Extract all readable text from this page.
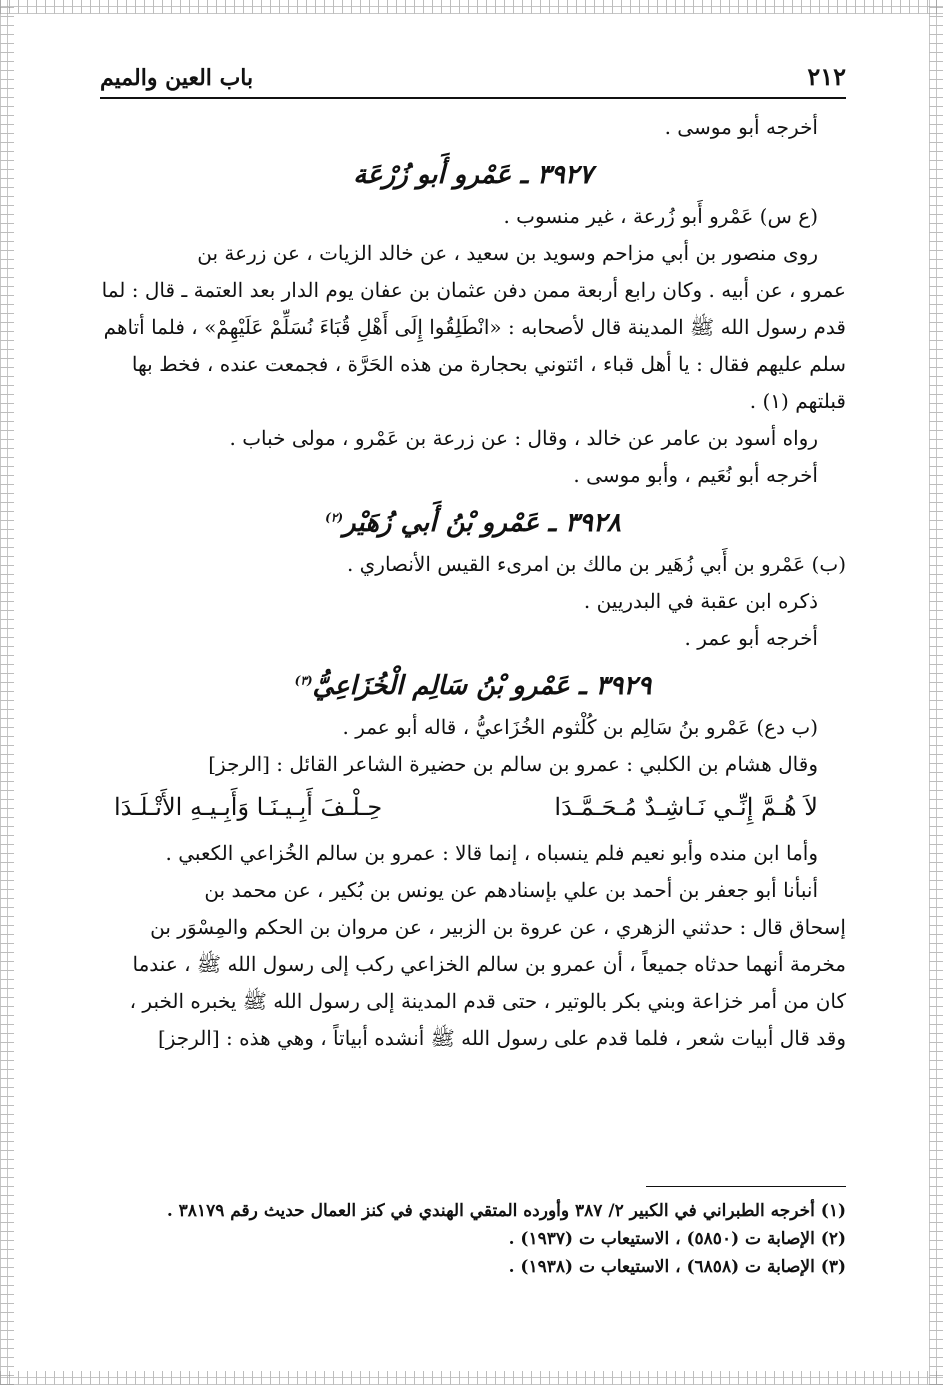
٢١٢
باب العين والميم

أخرجه أبو موسى .

٣٩٢٧ ـ عَمْرو أَبو زُرْعَة

(ع س) عَمْرو أَبو زُرعة ، غير منسوب .

روى منصور بن أبي مزاحم وسويد بن سعيد ، عن خالد الزيات ، عن زرعة بن

عمرو ، عن أبيه . وكان رابع أربعة ممن دفن عثمان بن عفان يوم الدار بعد العتمة ـ قال : لما

قدم رسول الله ﷺ المدينة قال لأصحابه : «انْطَلِقُوا إِلَى أَهْلِ قُبَاءَ نُسَلِّمْ عَلَيْهِمْ» ، فلما أتاهم

سلم عليهم فقال : يا أهل قباء ، ائتوني بحجارة من هذه الحَرَّة ، فجمعت عنده ، فخط بها

قبلتهم (١) .

رواه أسود بن عامر عن خالد ، وقال : عن زرعة بن عَمْرو ، مولى خباب .

أخرجه أبو نُعَيم ، وأبو موسى .

٣٩٢٨ ـ عَمْرو بْنُ أَبي زُهَيْر$^{(٢)}$

(ب) عَمْرو بن أَبي زُهَير بن مالك بن امرىء القيس الأنصاري .

ذكره ابن عقبة في البدريين .

أخرجه أبو عمر .

٣٩٢٩ ـ عَمْرو بْنُ سَالِم الْخُزَاعِيُّ$^{(٣)}$

(ب دع) عَمْرو بنُ سَالِم بن كُلْثوم الخُزَاعيُّ ، قاله أبو عمر .

وقال هشام بن الكلبي : عمرو بن سالم بن حضيرة الشاعر القائل : [الرجز]

لاَ هُـمَّ إِنِّـي نَـاشِـدٌ مُـحَـمَّـدَا
حِـلْـفَ أَبِـيـنَـا وَأَبِـيـهِ الأَتْـلَـدَا

وأما ابن منده وأبو نعيم فلم ينسباه ، إنما قالا : عمرو بن سالم الخُزاعي الكعبي .

أنبأنا أبو جعفر بن أحمد بن علي بإسنادهم عن يونس بن بُكير ، عن محمد بن

إسحاق قال : حدثني الزهري ، عن عروة بن الزبير ، عن مروان بن الحكم والمِسْوَر بن

مخرمة أنهما حدثاه جميعاً ، أن عمرو بن سالم الخزاعي ركب إلى رسول الله ﷺ ، عندما

كان من أمر خزاعة وبني بكر بالوتير ، حتى قدم المدينة إلى رسول الله ﷺ يخبره الخبر ،

وقد قال أبيات شعر ، فلما قدم على رسول الله ﷺ أنشده أبياتاً ، وهي هذه : [الرجز]

(١) أخرجه الطبراني في الكبير ٢/ ٣٨٧ وأورده المتقي الهندي في كنز العمال حديث رقم ٣٨١٧٩ .

(٢) الإصابة ت (٥٨٥٠) ، الاستيعاب ت (١٩٣٧) .

(٣) الإصابة ت (٦٨٥٨) ، الاستيعاب ت (١٩٣٨) .
